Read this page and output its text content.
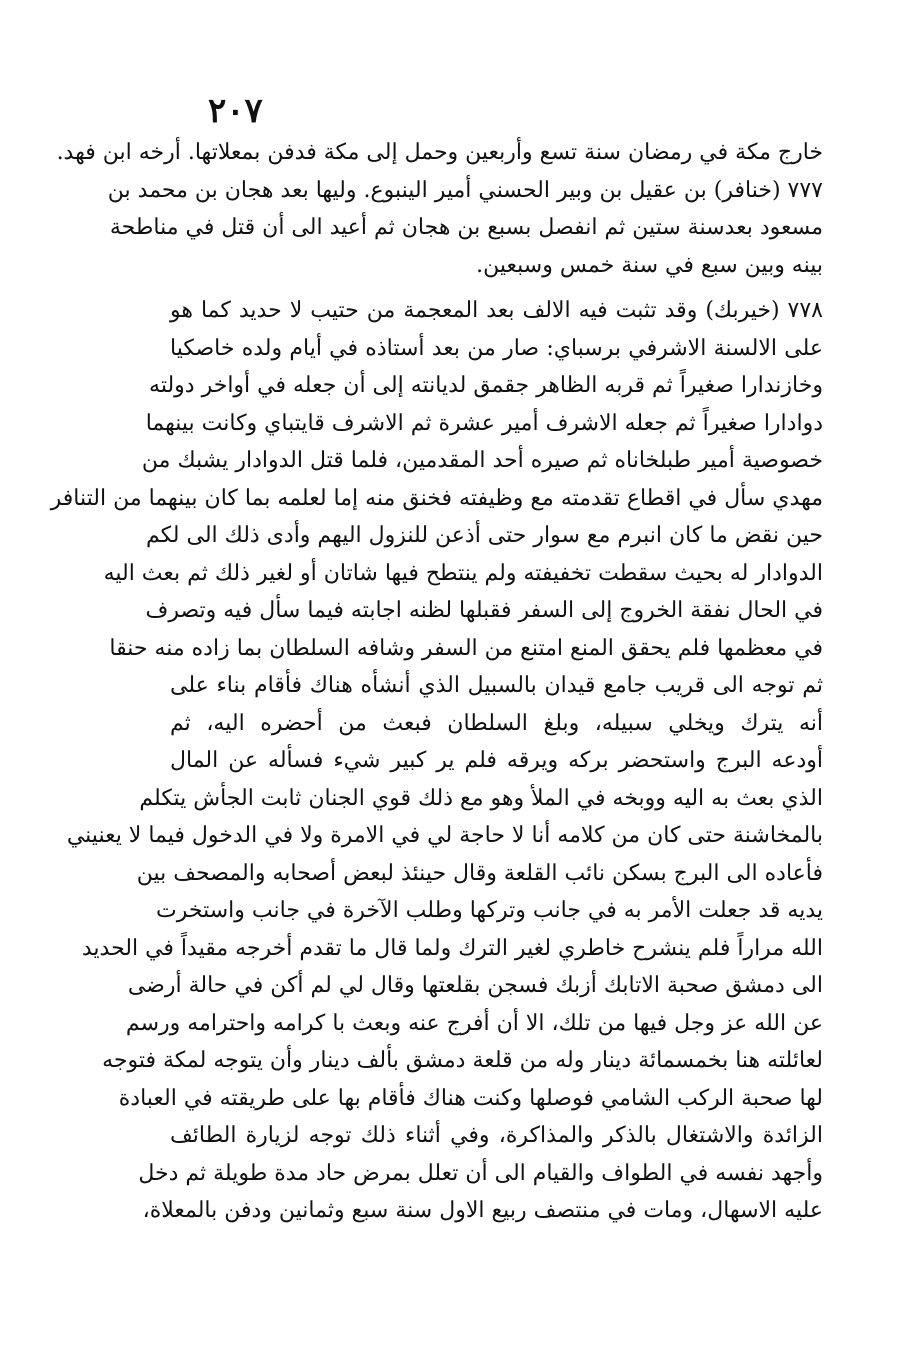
٢٠٧
خارج مكة في رمضان سنة تسع وأربعين وحمل إلى مكة فدفن بمعلاتها. أرخه ابن فهد.
٧٧٧ (خنافر) بن عقيل بن وبير الحسني أمير الينبوع. وليها بعد هجان بن محمد بن
مسعود بعدسنة ستين ثم انفصل بسبع بن هجان ثم أعيد الى أن قتل في مناطحة
بينه وبين سبع في سنة خمس وسبعين.
٧٧٨ (خيربك) وقد تثبت فيه الالف بعد المعجمة من حتيب لا حديد كما هو
على الالسنة الاشرفي برسباي: صار من بعد أستاذه في أيام ولده خاصكيا
وخازندارا صغيراً ثم قربه الظاهر جقمق لديانته إلى أن جعله في أواخر دولته
دوادارا صغيراً ثم جعله الاشرف أمير عشرة ثم الاشرف قايتباي وكانت بينهما
خصوصية أمير طبلخاناه ثم صيره أحد المقدمين، فلما قتل الدوادار يشبك من
مهدي سأل في اقطاع تقدمته مع وظيفته فخنق منه إما لعلمه بما كان بينهما من التنافر
حين نقض ما كان انبرم مع سوار حتى أذعن للنزول اليهم وأدى ذلك الى لكم
الدوادار له بحيث سقطت تخفيفته ولم ينتطح فيها شاتان أو لغير ذلك ثم بعث اليه
في الحال نفقة الخروج إلى السفر فقبلها لظنه اجابته فيما سأل فيه وتصرف
في معظمها فلم يحقق المنع امتنع من السفر وشافه السلطان بما زاده منه حنقا
ثم توجه الى قريب جامع قيدان بالسبيل الذي أنشأه هناك فأقام بناء على
أنه يترك ويخلي سبيله، وبلغ السلطان فبعث من أحضره اليه، ثم
أودعه البرج واستحضر بركه ويرقه فلم ير كبير شيء فسأله عن المال
الذي بعث به اليه ووبخه في الملأ وهو مع ذلك قوي الجنان ثابت الجأش يتكلم
بالمخاشنة حتى كان من كلامه أنا لا حاجة لي في الامرة ولا في الدخول فيما لا يعنيني
فأعاده الى البرج بسكن نائب القلعة وقال حينئذ لبعض أصحابه والمصحف بين
يديه قد جعلت الأمر به في جانب وتركها وطلب الآخرة في جانب واستخرت
الله مراراً فلم ينشرح خاطري لغير الترك ولما قال ما تقدم أخرجه مقيداً في الحديد
الى دمشق صحبة الاتابك أزبك فسجن بقلعتها وقال لي لم أكن في حالة أرضى
عن الله عز وجل فيها من تلك، الا أن أفرج عنه وبعث با كرامه واحترامه ورسم
لعائلته هنا بخمسمائة دينار وله من قلعة دمشق بألف دينار وأن يتوجه لمكة فتوجه
لها صحبة الركب الشامي فوصلها وكنت هناك فأقام بها على طريقته في العبادة
الزائدة والاشتغال بالذكر والمذاكرة، وفي أثناء ذلك توجه لزيارة الطائف
وأجهد نفسه في الطواف والقيام الى أن تعلل بمرض حاد مدة طويلة ثم دخل
عليه الاسهال، ومات في منتصف ربيع الاول سنة سبع وثمانين ودفن بالمعلاة،
